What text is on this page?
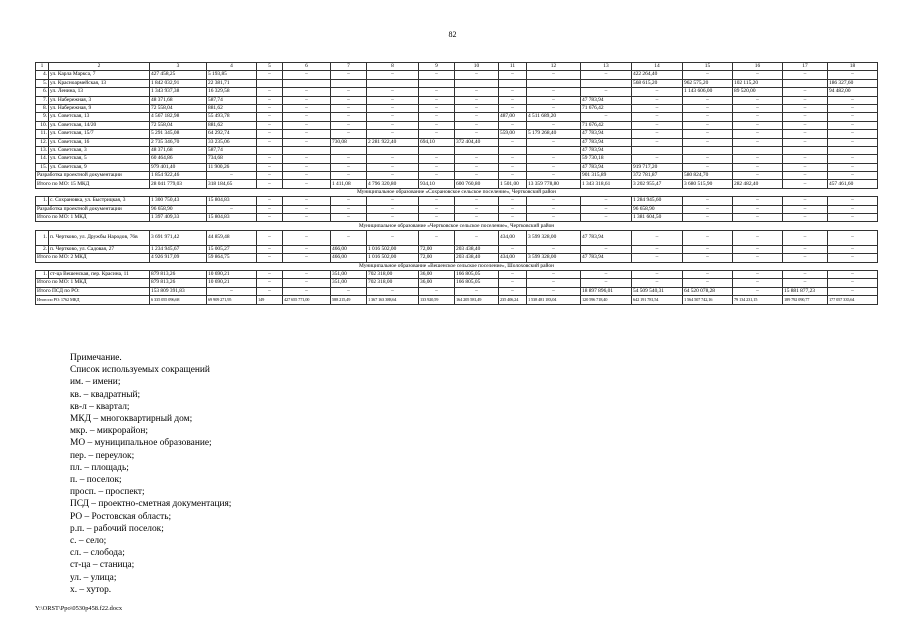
82
1	2	3	4	5	6	7	8	9	10	11	12	13	14	15	16	17	18
4.	ул. Карла Маркса, 7	427 458,25	5 193,85	–	–	–	–	–	–	–	–	–	422 264,40	–	–	–	–
5.	ул. Красноармейская, 13	1 842 032,91	22 381,71										568 615,20	962 575,20	102 115,20		186 327,60
6.	ул. Ленина, 13	1 343 937,38	16 329,58	–	–	–	–	–	–	–	–	–	–	1 143 606,00	89 520,00	–	94 482,00
7.	ул. Набережная, 3	48 371,68	587,74	–	–	–	–	–	–	–	–	47 783,94	–	–	–	–	–
8.	ул. Набережная, 9	72 558,04	881,62	–	–	–	–	–	–	–	–	71 676,42	–	–	–	–	–
9.	ул. Советская, 13	4 567 182,98	55 493,78	–	–	–	–	–	–	487,00	4 511 689,20	–	–	–	–	–	–
10.	ул. Советская, 14/20	72 558,04	881,62	–	–	–	–	–	–	–	–	71 676,42	–	–	–	–	–
11.	ул. Советская, 15/7	5 291 345,08	64 292,74	–	–	–	–	–	–	559,00	5 179 268,40	47 783,94	–	–	–	–	–
12.	ул. Советская, 16	2 735 346,70	33 235,06	–	–	730,08	2 281 922,40	694,10	372 404,40	–	–	47 783,94	–	–	–	–	–
13.	ул. Советская, 3	48 371,68	587,74									47 783,94					
14.	ул. Советская, 5	60 464,86	734,68	–	–	–	–	–	–	–	–	59 730,18	–	–	–	–	–
15.	ул. Советская, 9	979 401,40	11 900,26	–	–	–	–	–	–	–	–	47 783,94	919 717,20	–	–	–	–
Разработка проектной документации		1 854 922,46	–	–	–	–	–	–	–	–	–	901 315,89	372 781,87	580 824,70	–	–	–
Итого по МО: 15 МКД		28 041 779,03	318 184,65	–	–	1 411,08	4 796 320,80	934,10	600 760,80	1 501,00	13 359 778,80	1 343 318,61	3 202 955,47	3 680 515,90	282 482,40	–	457 461,60
Муниципальное образование «Сохрановское сельское поселение», Чертковский район																	
1.	с. Сохрановка, ул. Быстрицкая, 3	1 300 750,43	15 804,83	–	–	–	–	–	–	–	–	–	1 284 945,60	–	–	–	–
Разработка проектной документации		96 658,90	–	–	–	–	–	–	–	–	–	–	96 658,90	–	–	–	–
Итого по МО: 1 МКД		1 397 409,33	15 804,83	–	–	–	–	–	–	–	–	–	1 381 604,50	–	–	–	–
Муниципальное образование «Чертковское сельское поселение», Чертковский район																	
1.	п. Чертково, ул. Дружбы Народов, 76в	3 691 971,42	44 859,48	–	–	–	–	–	–	434,00	3 599 328,00	47 783,94	–	–	–	–	–
2.	п. Чертково, ул. Садовая, 27	1 234 945,67	15 005,27	–	–	466,00	1 016 502,00	72,00	203 438,40	–	–	–	–	–	–	–	–
Итого по МО: 2 МКД		4 926 917,09	59 864,75	–	–	466,00	1 016 502,00	72,00	203 438,40	434,00	3 599 328,00	47 783,94	–	–	–	–	–
Муниципальное образование «Вешенское сельское поселение», Шолоховский район																	
1.	ст-ца Вешенская, пер. Красина, 11	879 813,26	10 690,21	–	–	351,00	702 318,00	36,00	166 805,05	–	–	–	–	–	–	–	–
Итого по МО: 1 МКД		879 813,26	10 690,21	–	–	351,00	702 318,00	36,00	166 805,05	–	–	–	–	–	–	–	–
Итого ПСД по РО:		153 809 391,83	–	–	–	–	–	–	–	–	–	18 897 896,01	54 509 540,31	64 520 078,28	–	15 881 877,23	–
Итого по РО: 1762 МКД		6 335 055 096,68	69 909 271,95	149	427 655 771,00	588 215,49	1 367 163 388,64	133 920,59	164 205 581,49	235 406,24	1 538 481 183,04	120 596 718,40	642 191 781,54	1 564 507 742,16	79 134 231,15	189 792 090,77	177 057 335,64
Примечание.
Список используемых сокращений
им. – имени;
кв. – квадратный;
кв-л – квартал;
МКД – многоквартирный дом;
мкр. – микрорайон;
МО – муниципальное образование;
пер. – переулок;
пл. – площадь;
п. – поселок;
просп. – проспект;
ПСД – проектно-сметная документация;
РО – Ростовская область;
р.п. – рабочий поселок;
с. – село;
сл. – слобода;
ст-ца – станица;
ул. – улица;
х. – хутор.
Y:\ORST\Ppo\0530p458.f22.docx
